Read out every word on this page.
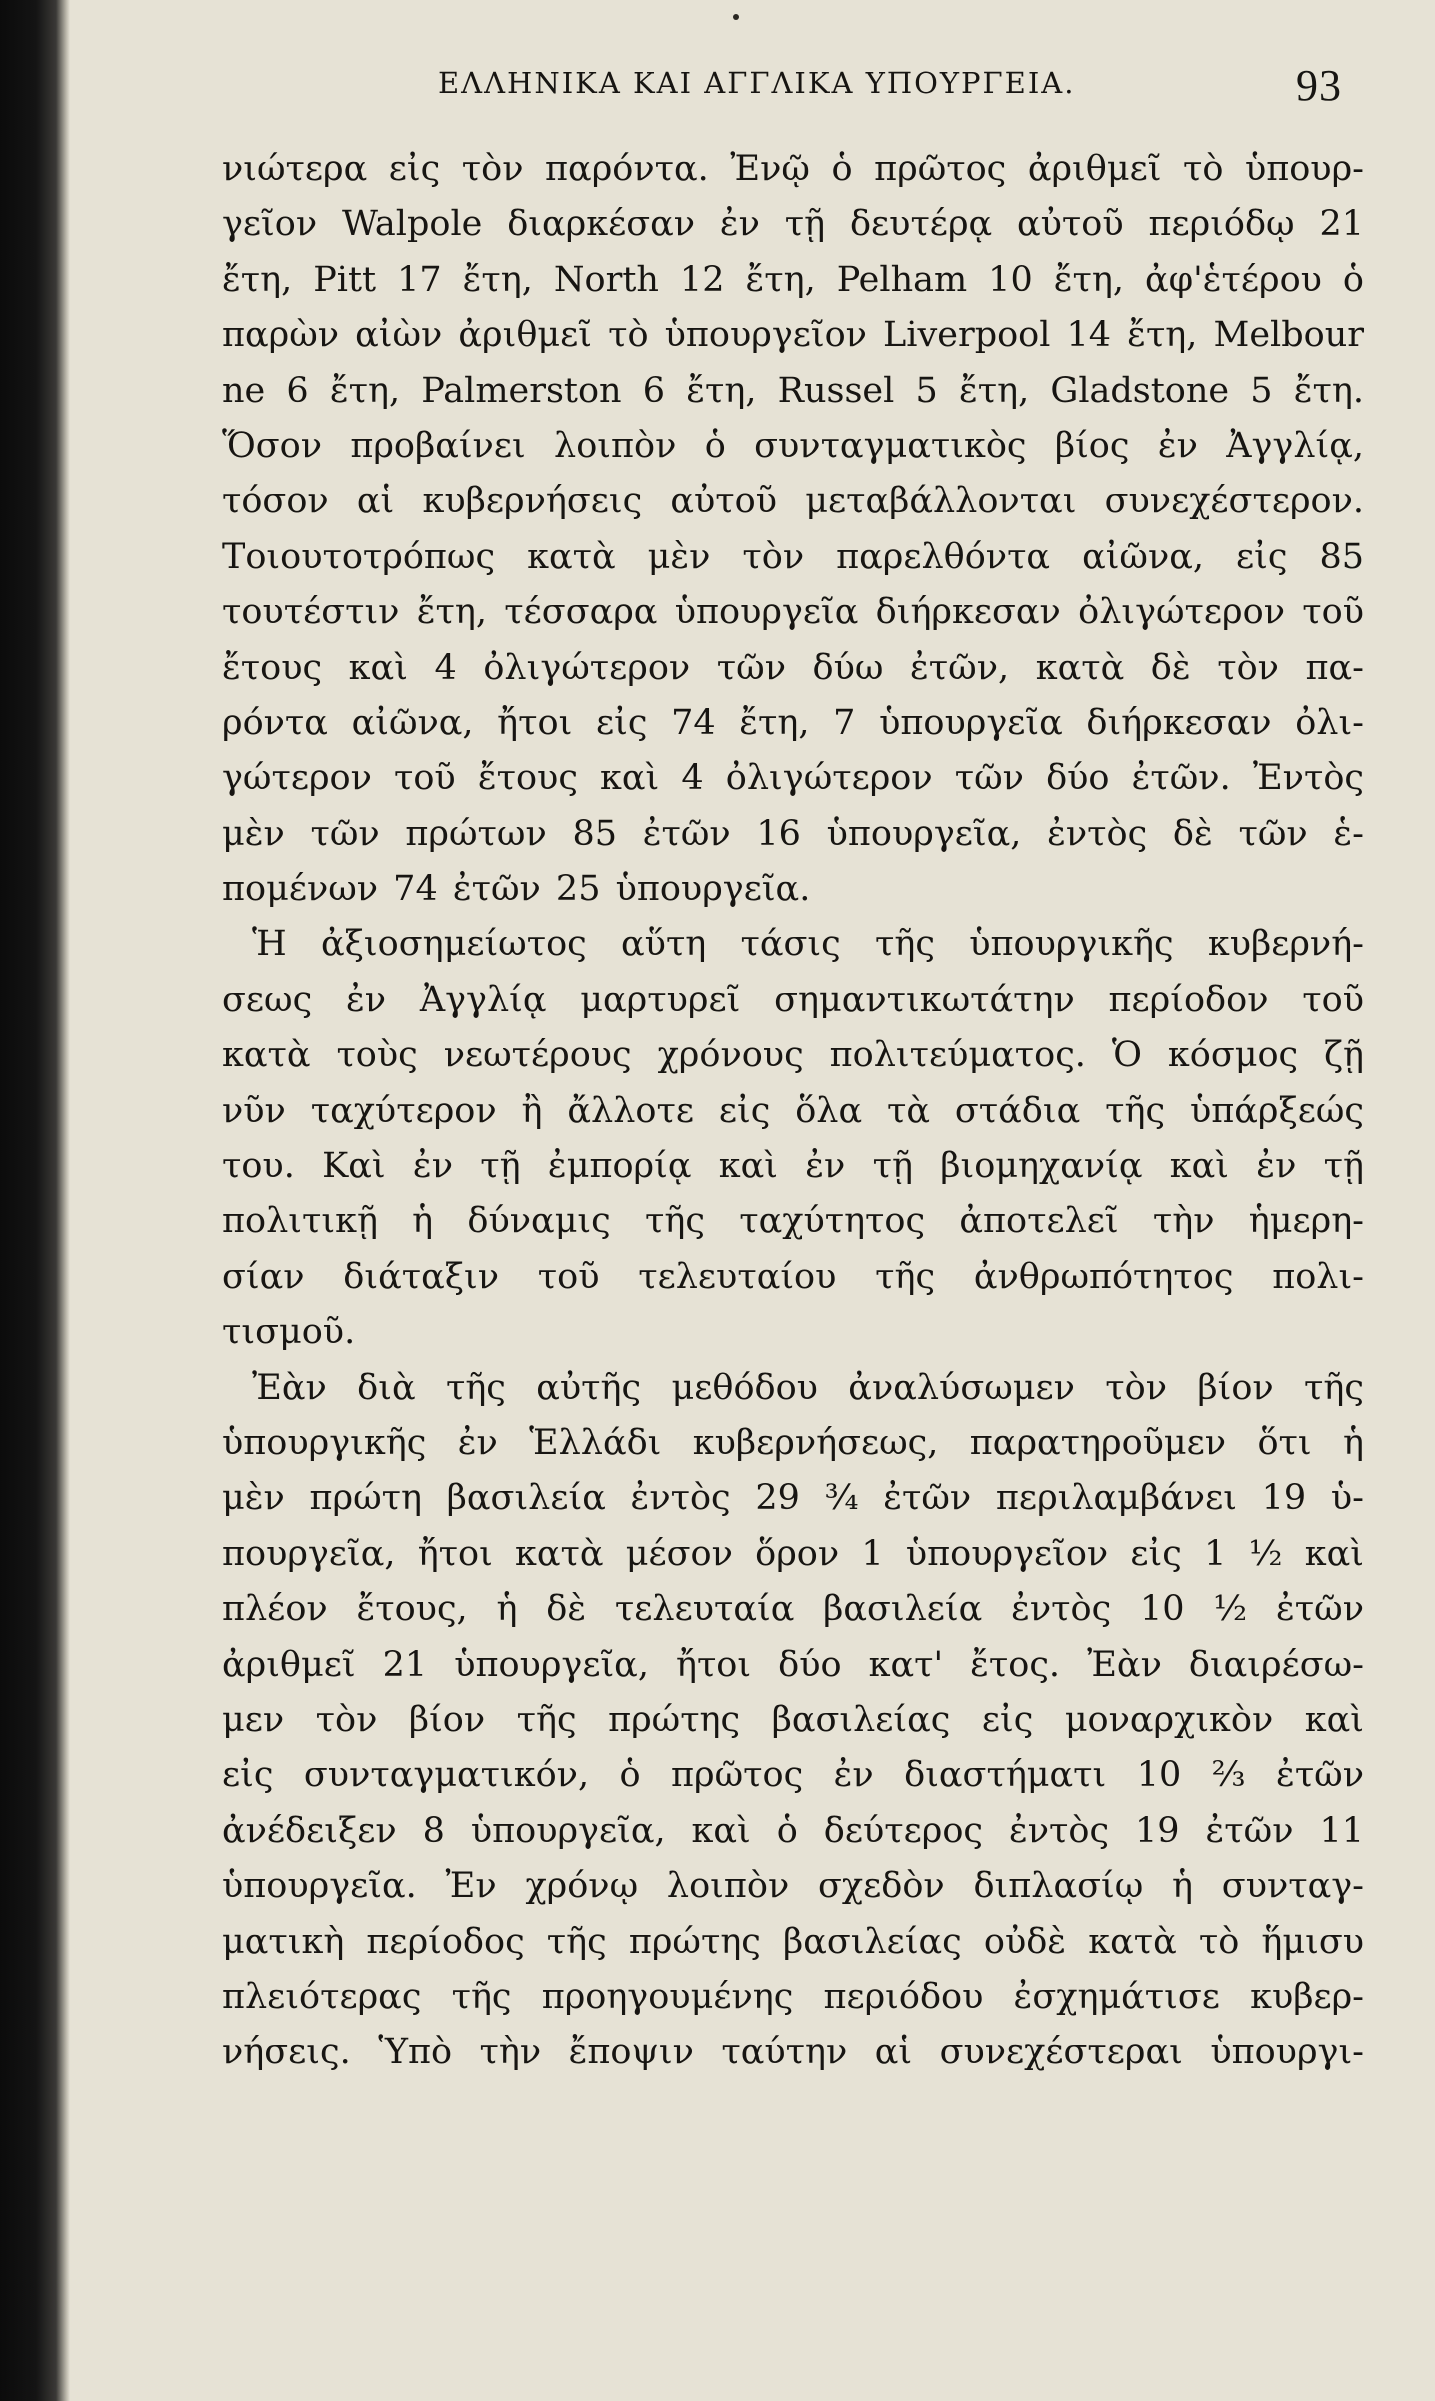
ΕΛΛΗΝΙΚΑ ΚΑΙ ΑΓΓΛΙΚΑ ΥΠΟΥΡΓΕΙΑ.	93
νιώτερα εἰς τὸν παρόντα. Ἐνῷ ὁ πρῶτος ἀριθμεῖ τὸ ὑπουρ-
γεῖον Walpole διαρκέσαν ἐν τῇ δευτέρᾳ αὐτοῦ περιόδῳ 21
ἔτη, Pitt 17 ἔτη, North 12 ἔτη, Pelham 10 ἔτη, ἀφ'ἑτέρου ὁ
παρὼν αἰὼν ἀριθμεῖ τὸ ὑπουργεῖον Liverpool 14 ἔτη, Melbour
ne 6 ἔτη, Palmerston 6 ἔτη, Russel 5 ἔτη, Gladstone 5 ἔτη.
Ὅσον προβαίνει λοιπὸν ὁ συνταγματικὸς βίος ἐν Ἀγγλίᾳ,
τόσον αἱ κυβερνήσεις αὐτοῦ μεταβάλλονται συνεχέστερον.
Τοιουτοτρόπως κατὰ μὲν τὸν παρελθόντα αἰῶνα, εἰς 85
τουτέστιν ἔτη, τέσσαρα ὑπουργεῖα διήρκεσαν ὀλιγώτερον τοῦ
ἔτους καὶ 4 ὀλιγώτερον τῶν δύω ἐτῶν, κατὰ δὲ τὸν πα-
ρόντα αἰῶνα, ἤτοι εἰς 74 ἔτη, 7 ὑπουργεῖα διήρκεσαν ὀλι-
γώτερον τοῦ ἔτους καὶ 4 ὀλιγώτερον τῶν δύο ἐτῶν. Ἐντὸς
μὲν τῶν πρώτων 85 ἐτῶν 16 ὑπουργεῖα, ἐντὸς δὲ τῶν ἑ-
πομένων 74 ἐτῶν 25 ὑπουργεῖα.
Ἡ ἀξιοσημείωτος αὕτη τάσις τῆς ὑπουργικῆς κυβερνή-
σεως ἐν Ἀγγλίᾳ μαρτυρεῖ σημαντικωτάτην περίοδον τοῦ
κατὰ τοὺς νεωτέρους χρόνους πολιτεύματος. Ὁ κόσμος ζῇ
νῦν ταχύτερον ἢ ἄλλοτε εἰς ὅλα τὰ στάδια τῆς ὑπάρξεώς
του. Καὶ ἐν τῇ ἐμπορίᾳ καὶ ἐν τῇ βιομηχανίᾳ καὶ ἐν τῇ
πολιτικῇ ἡ δύναμις τῆς ταχύτητος ἀποτελεῖ τὴν ἡμερη-
σίαν διάταξιν τοῦ τελευταίου τῆς ἀνθρωπότητος πολι-
τισμοῦ.
Ἐὰν διὰ τῆς αὐτῆς μεθόδου ἀναλύσωμεν τὸν βίον τῆς
ὑπουργικῆς ἐν Ἑλλάδι κυβερνήσεως, παρατηροῦμεν ὅτι ἡ
μὲν πρώτη βασιλεία ἐντὸς 29 ¾ ἐτῶν περιλαμβάνει 19 ὑ-
πουργεῖα, ἤτοι κατὰ μέσον ὅρον 1 ὑπουργεῖον εἰς 1 ½ καὶ
πλέον ἔτους, ἡ δὲ τελευταία βασιλεία ἐντὸς 10 ½ ἐτῶν
ἀριθμεῖ 21 ὑπουργεῖα, ἤτοι δύο κατ' ἔτος. Ἐὰν διαιρέσω-
μεν τὸν βίον τῆς πρώτης βασιλείας εἰς μοναρχικὸν καὶ
εἰς συνταγματικόν, ὁ πρῶτος ἐν διαστήματι 10 ⅔ ἐτῶν
ἀνέδειξεν 8 ὑπουργεῖα, καὶ ὁ δεύτερος ἐντὸς 19 ἐτῶν 11
ὑπουργεῖα. Ἐν χρόνῳ λοιπὸν σχεδὸν διπλασίῳ ἡ συνταγ-
ματικὴ περίοδος τῆς πρώτης βασιλείας οὐδὲ κατὰ τὸ ἥμισυ
πλειότερας τῆς προηγουμένης περιόδου ἐσχημάτισε κυβερ-
νήσεις. Ὑπὸ τὴν ἔποψιν ταύτην αἱ συνεχέστεραι ὑπουργι-
